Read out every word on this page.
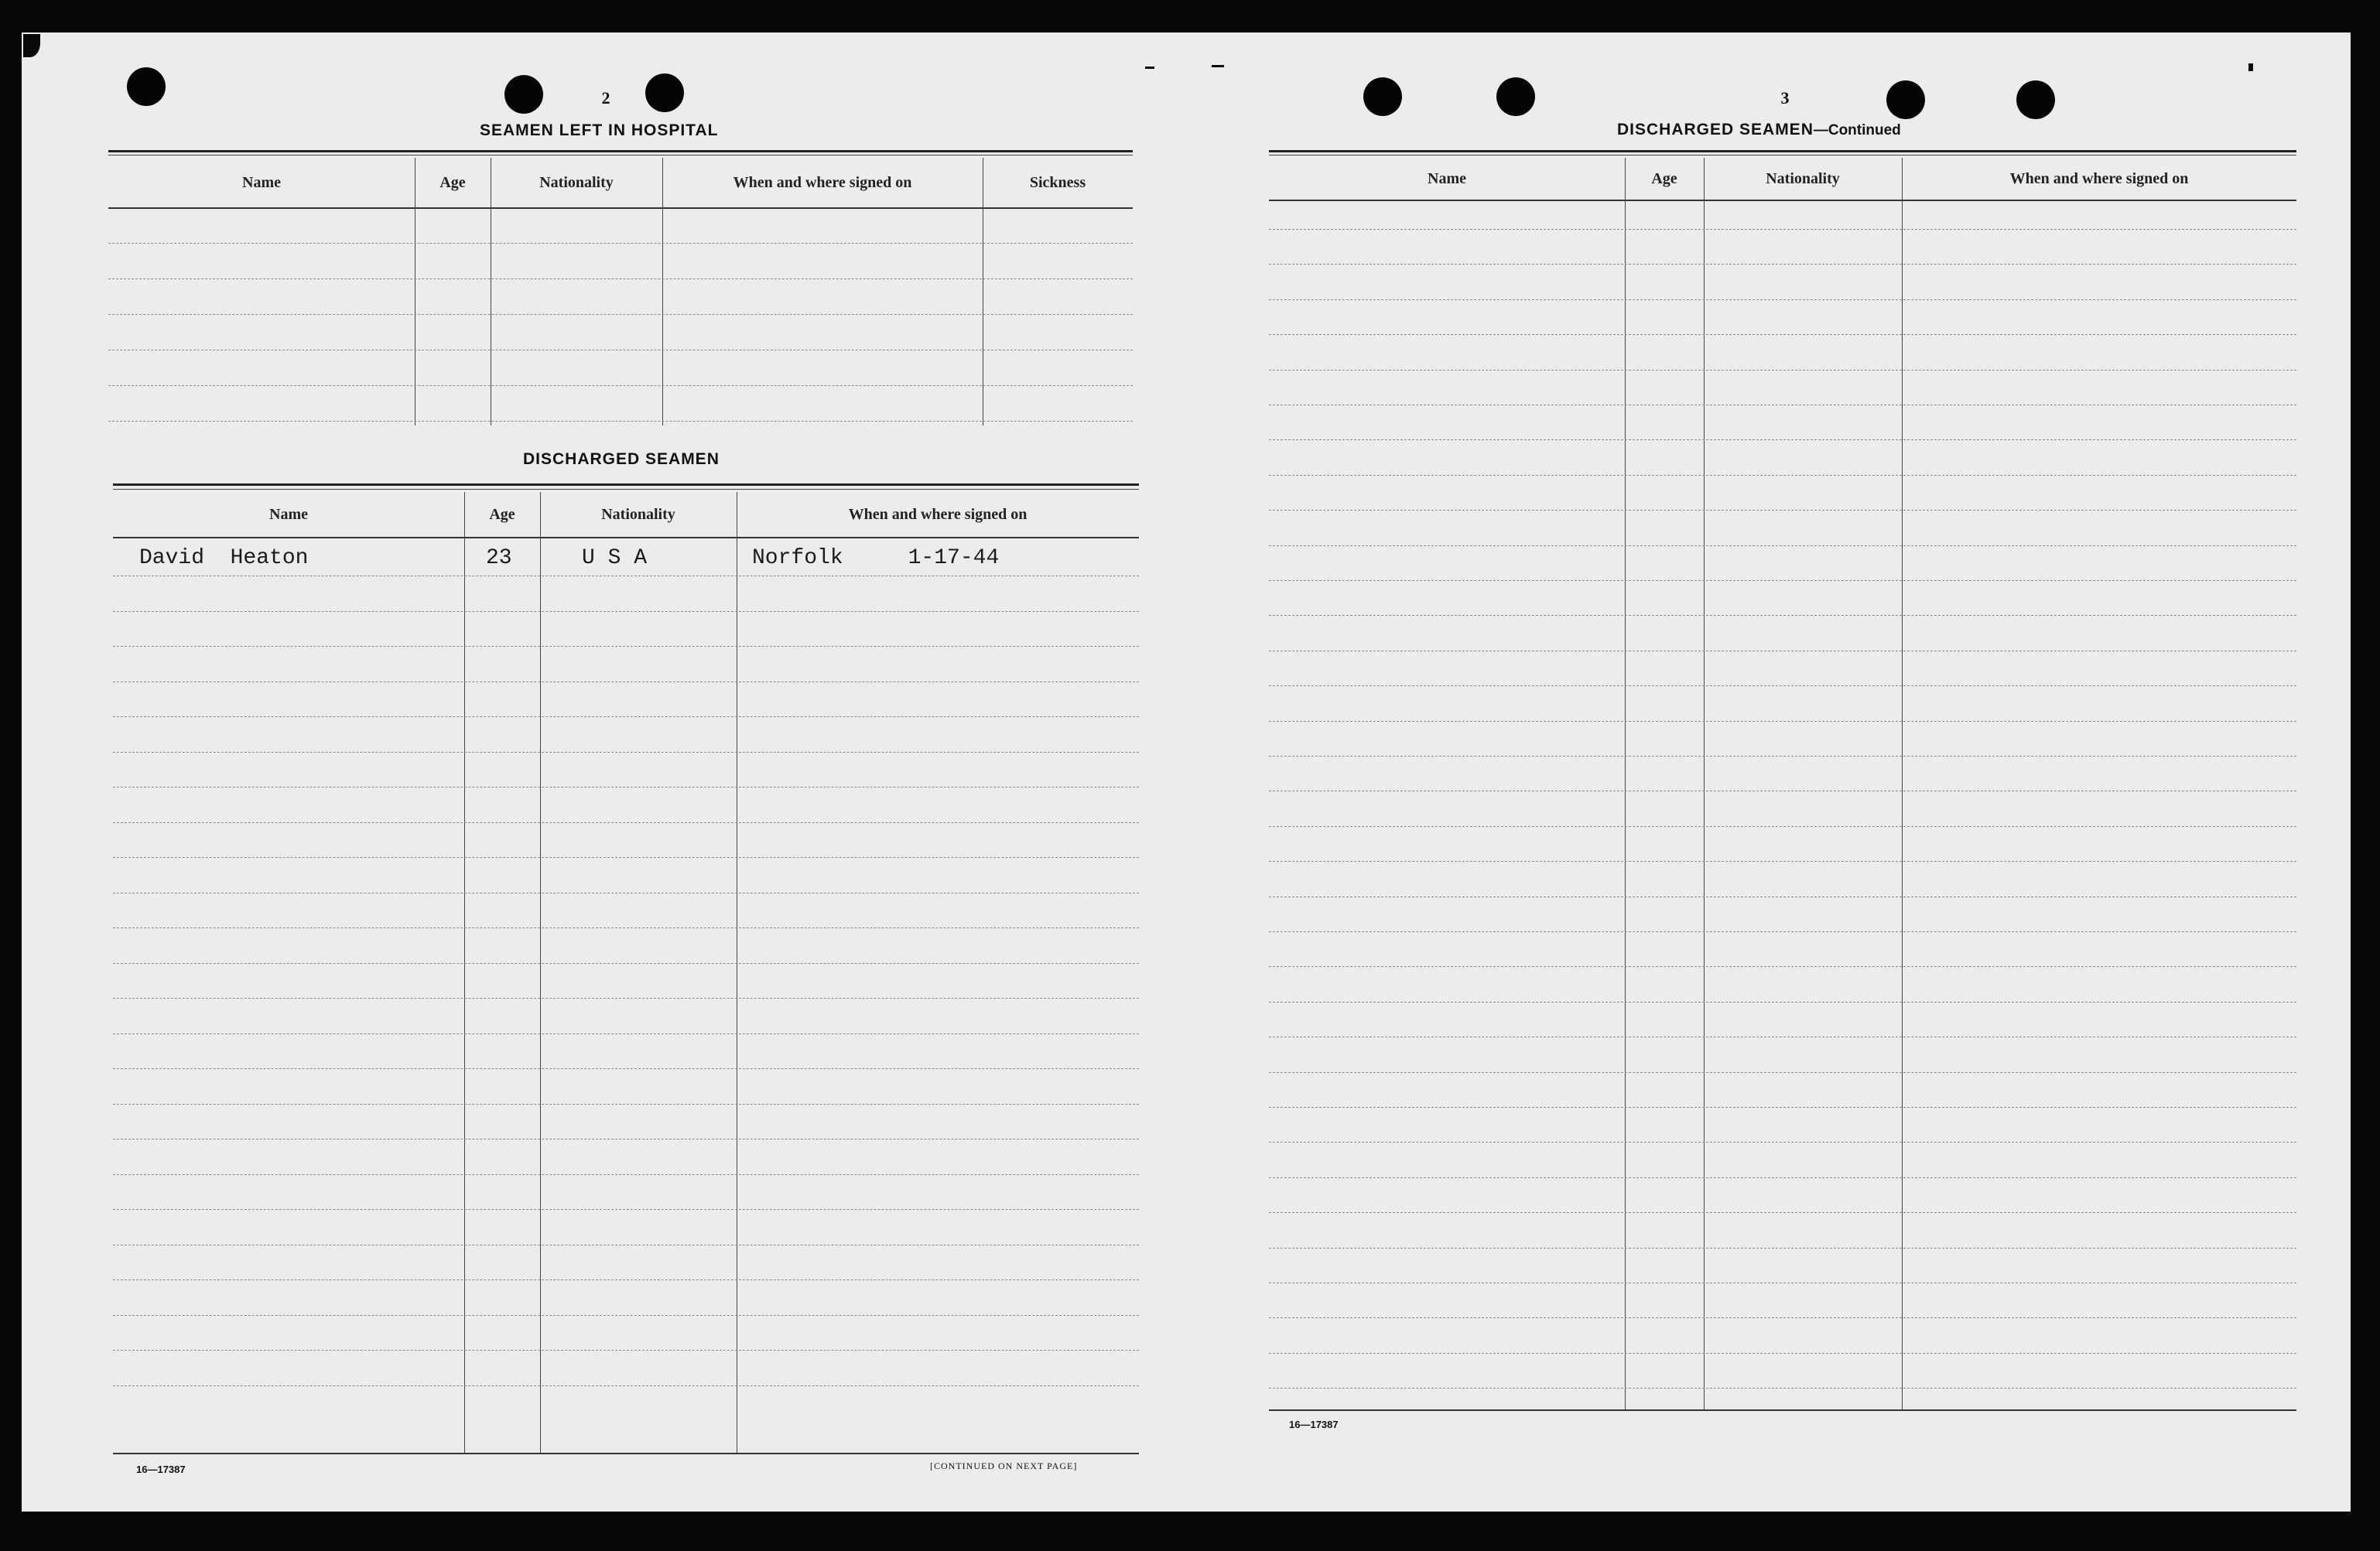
2
SEAMEN LEFT IN HOSPITAL
Name	Age	Nationality	When and where signed on	Sickness
DISCHARGED SEAMEN
Name	Age	Nationality	When and where signed on
David  Heaton	23	U S A	Norfolk     1-17-44
16—17387	[CONTINUED ON NEXT PAGE]
3
DISCHARGED SEAMEN—Continued
Name	Age	Nationality	When and where signed on
16—17387
